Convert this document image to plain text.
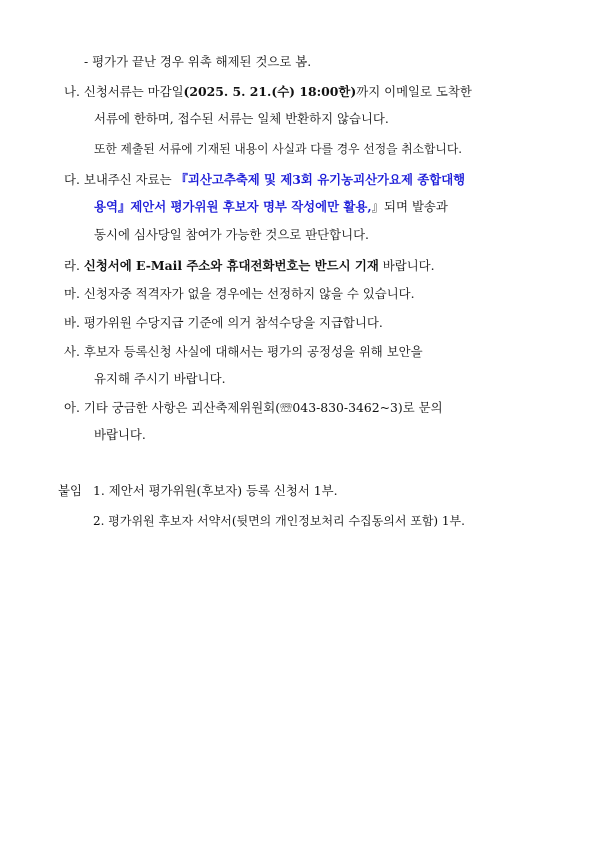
- 평가가 끝난 경우 위촉 해제된 것으로 봄.
나. 신청서류는 마감일(2025. 5. 21.(수) 18:00한)까지 이메일로 도착한
서류에 한하며, 접수된 서류는 일체 반환하지 않습니다.
또한 제출된 서류에 기재된 내용이 사실과 다를 경우 선정을 취소합니다.
다. 보내주신 자료는 『괴산고추축제 및 제3회 유기농괴산가요제 종합대행
용역』제안서 평가위원 후보자 명부 작성에만 활용,』되며 발송과
동시에 심사당일 참여가 가능한 것으로 판단합니다.
라. 신청서에 E-Mail 주소와 휴대전화번호는 반드시 기재 바랍니다.
마. 신청자중 적격자가 없을 경우에는 선정하지 않을 수 있습니다.
바. 평가위원 수당지급 기준에 의거 참석수당을 지급합니다.
사. 후보자 등록신청 사실에 대해서는 평가의 공정성을 위해 보안을
유지해 주시기 바랍니다.
아. 기타 궁금한 사항은 괴산축제위원회(☏043-830-3462~3)로 문의
바랍니다.
붙임 1. 제안서 평가위원(후보자) 등록 신청서 1부.
2. 평가위원 후보자 서약서(뒷면의 개인정보처리 수집동의서 포함) 1부.
